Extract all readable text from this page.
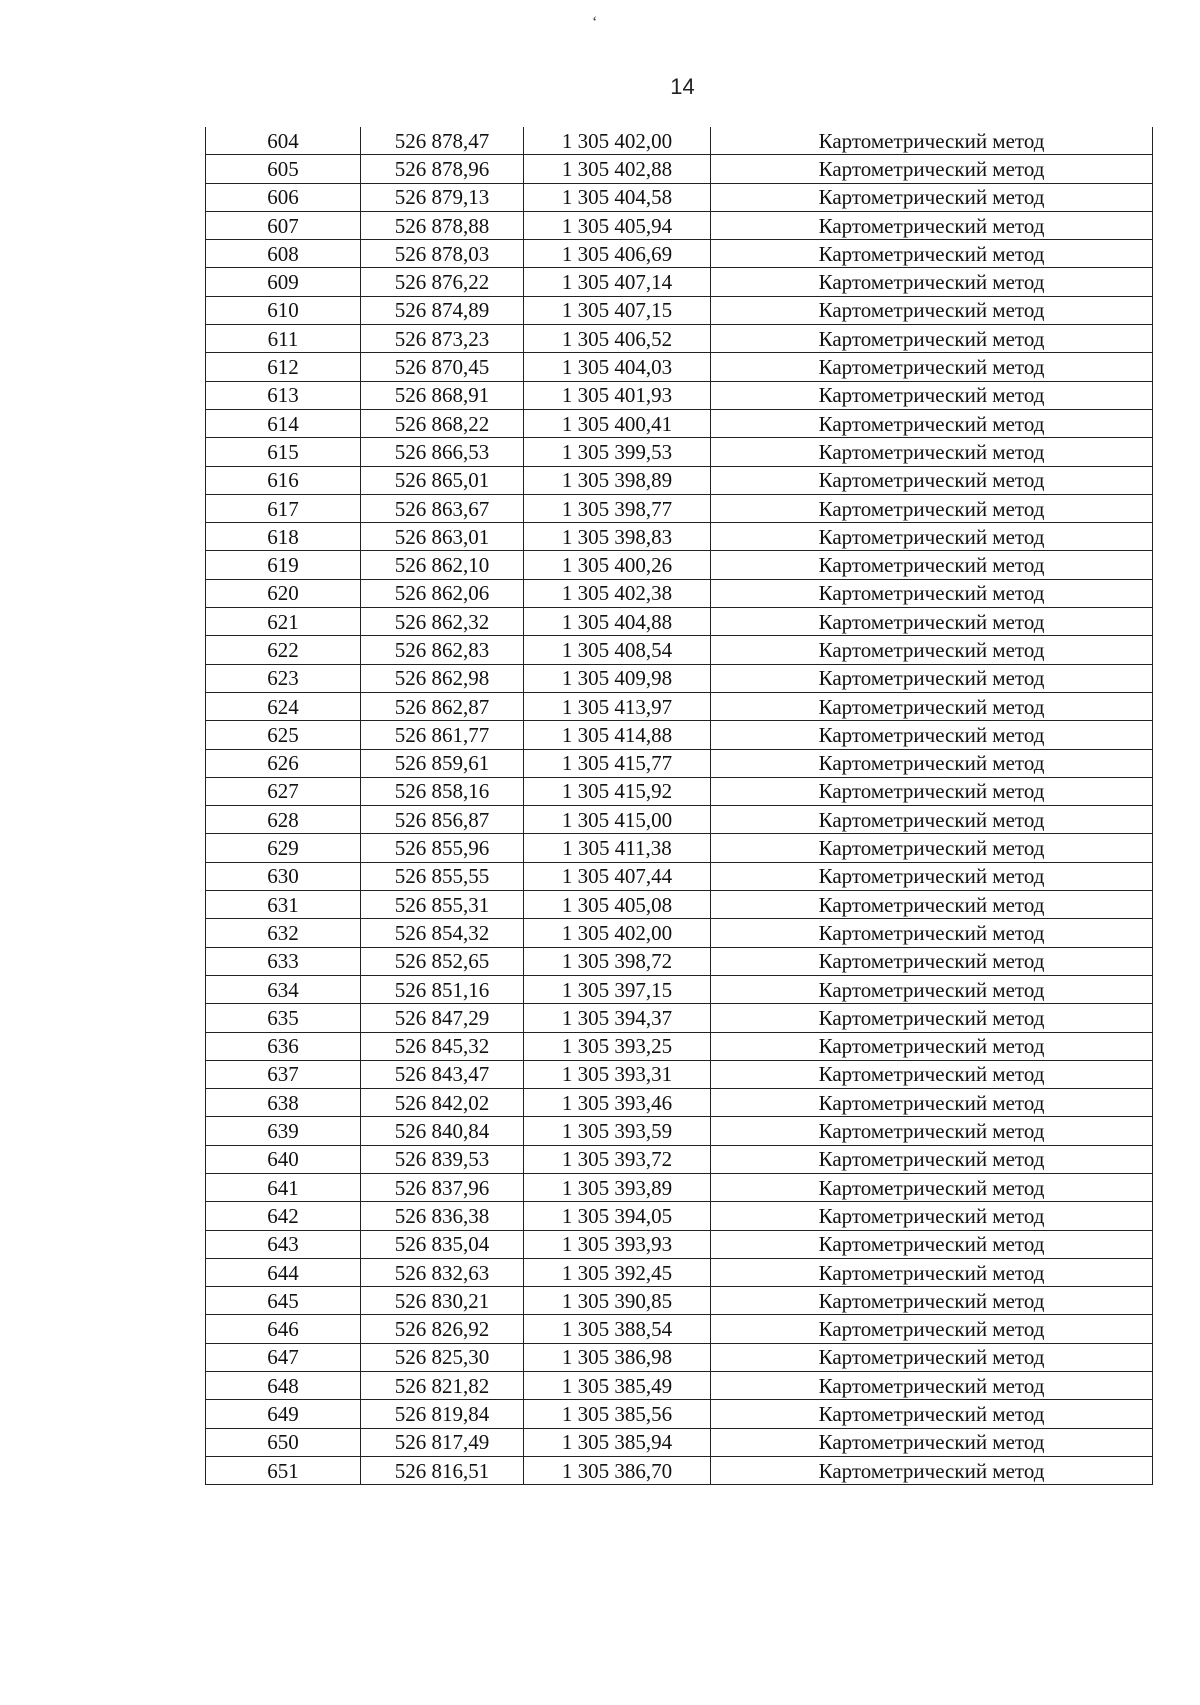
‘
14
604	526 878,47	1 305 402,00	Картометрический метод
605	526 878,96	1 305 402,88	Картометрический метод
606	526 879,13	1 305 404,58	Картометрический метод
607	526 878,88	1 305 405,94	Картометрический метод
608	526 878,03	1 305 406,69	Картометрический метод
609	526 876,22	1 305 407,14	Картометрический метод
610	526 874,89	1 305 407,15	Картометрический метод
611	526 873,23	1 305 406,52	Картометрический метод
612	526 870,45	1 305 404,03	Картометрический метод
613	526 868,91	1 305 401,93	Картометрический метод
614	526 868,22	1 305 400,41	Картометрический метод
615	526 866,53	1 305 399,53	Картометрический метод
616	526 865,01	1 305 398,89	Картометрический метод
617	526 863,67	1 305 398,77	Картометрический метод
618	526 863,01	1 305 398,83	Картометрический метод
619	526 862,10	1 305 400,26	Картометрический метод
620	526 862,06	1 305 402,38	Картометрический метод
621	526 862,32	1 305 404,88	Картометрический метод
622	526 862,83	1 305 408,54	Картометрический метод
623	526 862,98	1 305 409,98	Картометрический метод
624	526 862,87	1 305 413,97	Картометрический метод
625	526 861,77	1 305 414,88	Картометрический метод
626	526 859,61	1 305 415,77	Картометрический метод
627	526 858,16	1 305 415,92	Картометрический метод
628	526 856,87	1 305 415,00	Картометрический метод
629	526 855,96	1 305 411,38	Картометрический метод
630	526 855,55	1 305 407,44	Картометрический метод
631	526 855,31	1 305 405,08	Картометрический метод
632	526 854,32	1 305 402,00	Картометрический метод
633	526 852,65	1 305 398,72	Картометрический метод
634	526 851,16	1 305 397,15	Картометрический метод
635	526 847,29	1 305 394,37	Картометрический метод
636	526 845,32	1 305 393,25	Картометрический метод
637	526 843,47	1 305 393,31	Картометрический метод
638	526 842,02	1 305 393,46	Картометрический метод
639	526 840,84	1 305 393,59	Картометрический метод
640	526 839,53	1 305 393,72	Картометрический метод
641	526 837,96	1 305 393,89	Картометрический метод
642	526 836,38	1 305 394,05	Картометрический метод
643	526 835,04	1 305 393,93	Картометрический метод
644	526 832,63	1 305 392,45	Картометрический метод
645	526 830,21	1 305 390,85	Картометрический метод
646	526 826,92	1 305 388,54	Картометрический метод
647	526 825,30	1 305 386,98	Картометрический метод
648	526 821,82	1 305 385,49	Картометрический метод
649	526 819,84	1 305 385,56	Картометрический метод
650	526 817,49	1 305 385,94	Картометрический метод
651	526 816,51	1 305 386,70	Картометрический метод
